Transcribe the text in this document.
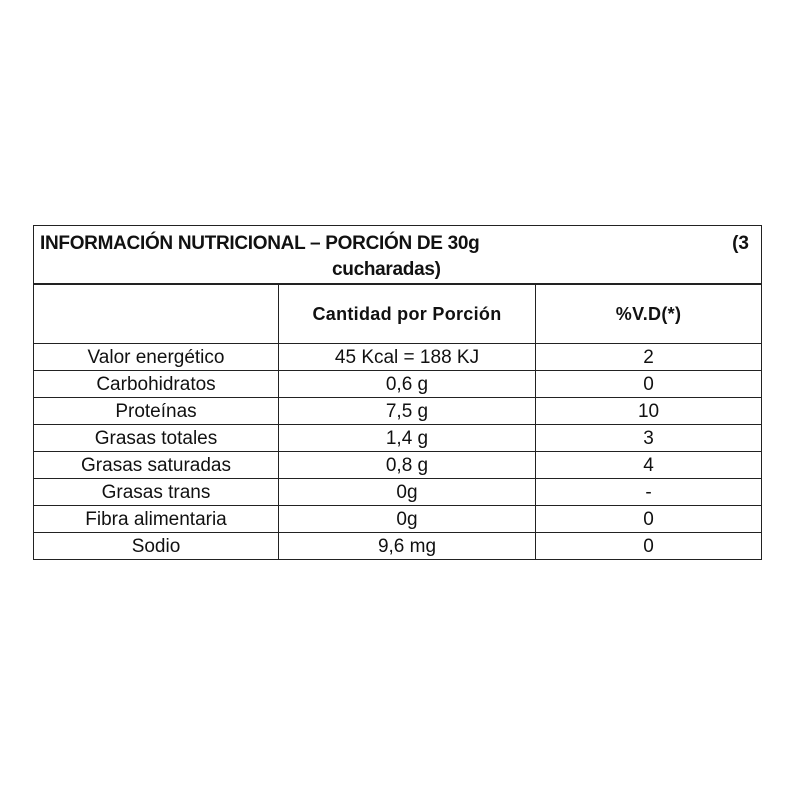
INFORMACIÓN NUTRICIONAL – PORCIÓN DE 30g (3
cucharadas)		

	Cantidad por Porción	%V.D(*)
Valor energético	45 Kcal = 188 KJ	2
Carbohidratos	0,6 g	0
Proteínas	7,5 g	10
Grasas totales	1,4 g	3
Grasas saturadas	0,8 g	4
Grasas trans	0g	-
Fibra alimentaria	0g	0
Sodio	9,6 mg	0
